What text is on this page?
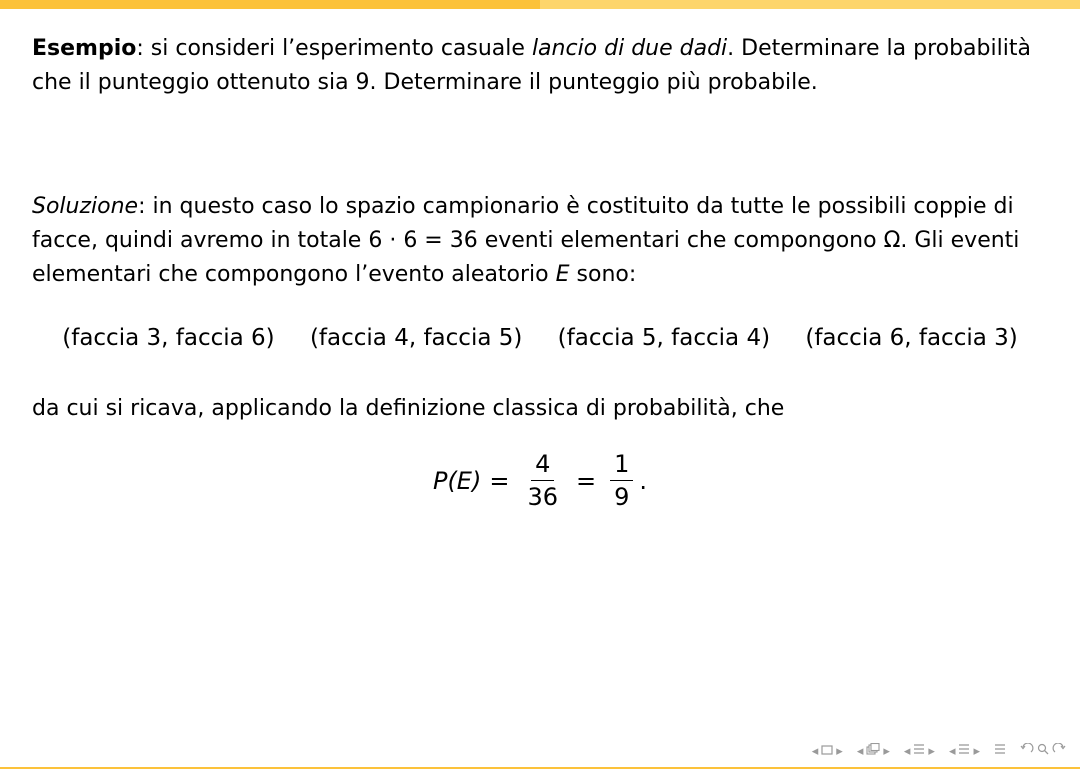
Esempio: si consideri l’esperimento casuale lancio di due dadi. Determinare la probabilità che il punteggio ottenuto sia 9. Determinare il punteggio più probabile.
Soluzione: in questo caso lo spazio campionario è costituito da tutte le possibili coppie di facce, quindi avremo in totale 6 · 6 = 36 eventi elementari che compongono Ω. Gli eventi elementari che compongono l’evento aleatorio E sono:
(faccia 3, faccia 6) (faccia 4, faccia 5) (faccia 5, faccia 4) (faccia 6, faccia 3)
da cui si ricava, applicando la definizione classica di probabilità, che
$P(E) = \frac{4}{36} = \frac{1}{9}$ .
◂ ▸ ◂ ▸ ◂ ▸ ◂ ▸
